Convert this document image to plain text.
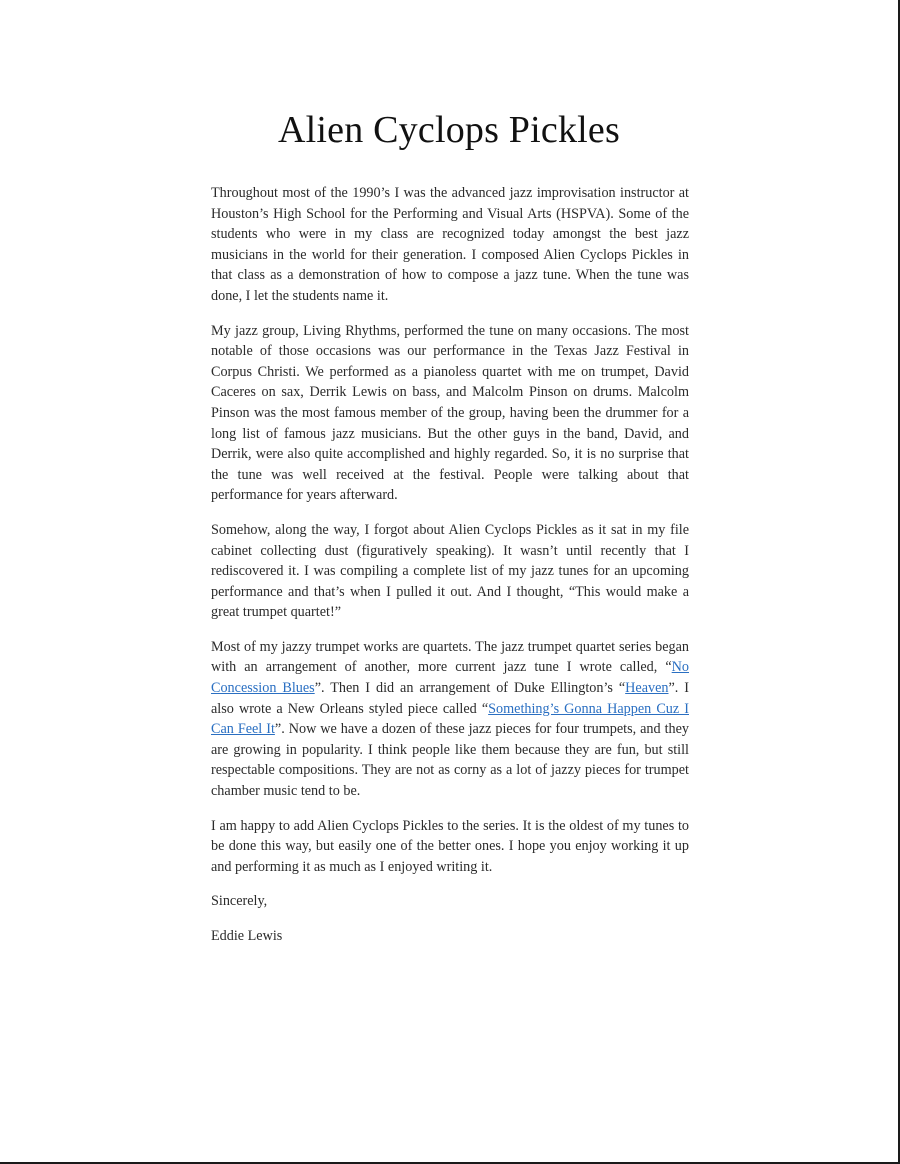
Alien Cyclops Pickles

Throughout most of the 1990’s I was the advanced jazz improvisation instructor at Houston’s High School for the Performing and Visual Arts (HSPVA). Some of the students who were in my class are recognized today amongst the best jazz musicians in the world for their generation. I composed Alien Cyclops Pickles in that class as a demonstration of how to compose a jazz tune. When the tune was done, I let the students name it.

My jazz group, Living Rhythms, performed the tune on many occasions. The most notable of those occasions was our performance in the Texas Jazz Festival in Corpus Christi. We performed as a pianoless quartet with me on trumpet, David Caceres on sax, Derrik Lewis on bass, and Malcolm Pinson on drums. Malcolm Pinson was the most famous member of the group, having been the drummer for a long list of famous jazz musicians. But the other guys in the band, David, and Derrik, were also quite accomplished and highly regarded. So, it is no surprise that the tune was well received at the festival. People were talking about that performance for years afterward.

Somehow, along the way, I forgot about Alien Cyclops Pickles as it sat in my file cabinet collecting dust (figuratively speaking). It wasn’t until recently that I rediscovered it. I was compiling a complete list of my jazz tunes for an upcoming performance and that’s when I pulled it out. And I thought, “This would make a great trumpet quartet!”

Most of my jazzy trumpet works are quartets. The jazz trumpet quartet series began with an arrangement of another, more current jazz tune I wrote called, “No Concession Blues”. Then I did an arrangement of Duke Ellington’s “Heaven”. I also wrote a New Orleans styled piece called “Something’s Gonna Happen Cuz I Can Feel It”. Now we have a dozen of these jazz pieces for four trumpets, and they are growing in popularity. I think people like them because they are fun, but still respectable compositions. They are not as corny as a lot of jazzy pieces for trumpet chamber music tend to be.

I am happy to add Alien Cyclops Pickles to the series. It is the oldest of my tunes to be done this way, but easily one of the better ones. I hope you enjoy working it up and performing it as much as I enjoyed writing it.

Sincerely,

Eddie Lewis
